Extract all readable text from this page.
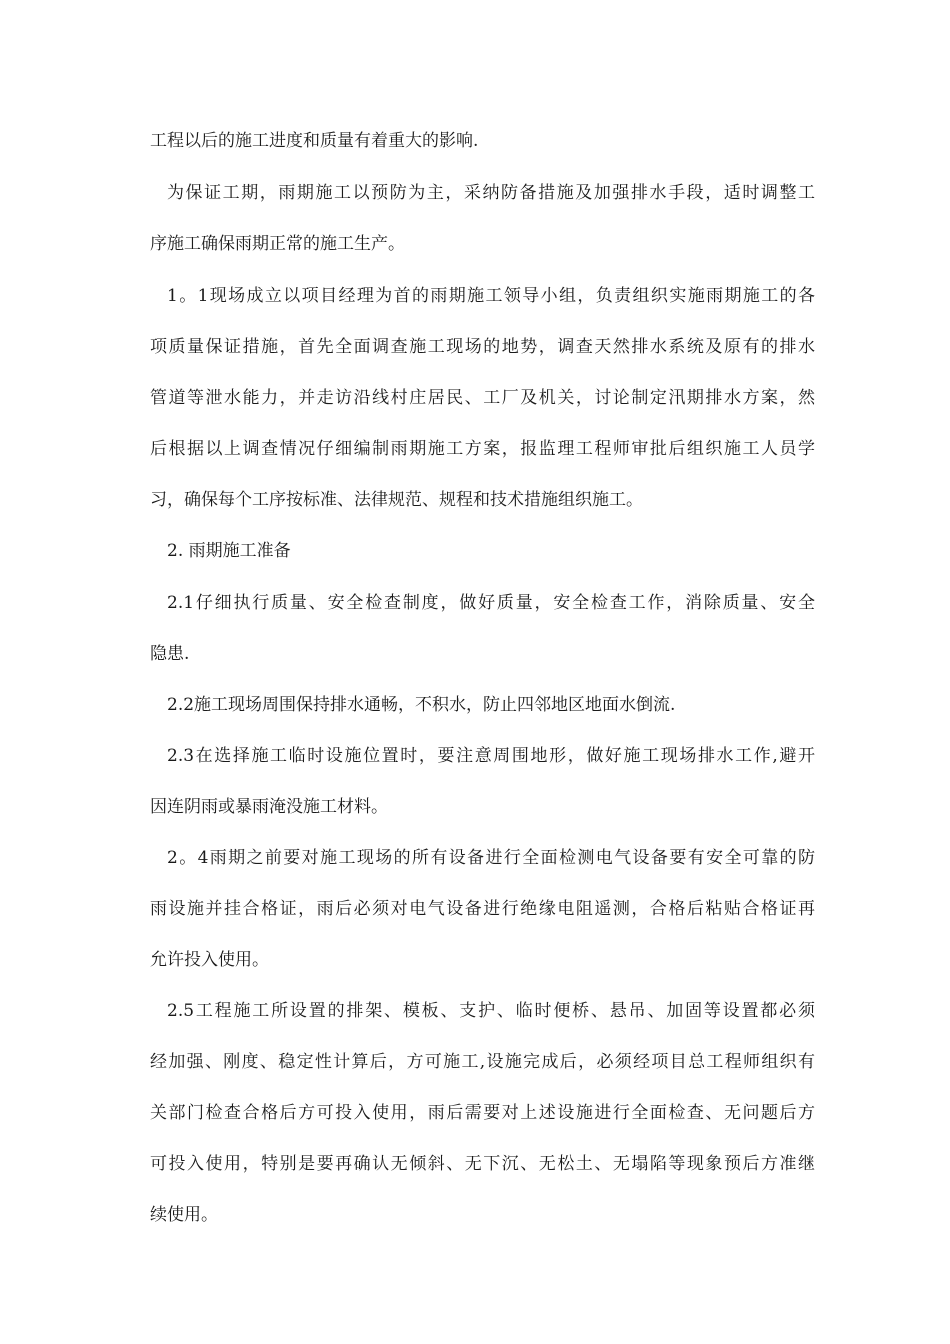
工程以后的施工进度和质量有着重大的影响.

为保证工期，雨期施工以预防为主，采纳防备措施及加强排水手段，适时调整工

序施工确保雨期正常的施工生产。

1。1现场成立以项目经理为首的雨期施工领导小组，负责组织实施雨期施工的各

项质量保证措施，首先全面调查施工现场的地势，调查天然排水系统及原有的排水

管道等泄水能力，并走访沿线村庄居民、工厂及机关，讨论制定汛期排水方案，然

后根据以上调查情况仔细编制雨期施工方案，报监理工程师审批后组织施工人员学

习，确保每个工序按标准、法律规范、规程和技术措施组织施工。

2. 雨期施工准备

2.1仔细执行质量、安全检查制度，做好质量，安全检查工作，消除质量、安全

隐患.

2.2施工现场周围保持排水通畅，不积水，防止四邻地区地面水倒流.

2.3在选择施工临时设施位置时，要注意周围地形，做好施工现场排水工作,避开

因连阴雨或暴雨淹没施工材料。

2。4雨期之前要对施工现场的所有设备进行全面检测电气设备要有安全可靠的防

雨设施并挂合格证，雨后必须对电气设备进行绝缘电阻遥测，合格后粘贴合格证再

允许投入使用。

2.5工程施工所设置的排架、模板、支护、临时便桥、悬吊、加固等设置都必须

经加强、刚度、稳定性计算后，方可施工,设施完成后，必须经项目总工程师组织有

关部门检查合格后方可投入使用，雨后需要对上述设施进行全面检查、无问题后方

可投入使用，特别是要再确认无倾斜、无下沉、无松土、无塌陷等现象预后方准继

续使用。
